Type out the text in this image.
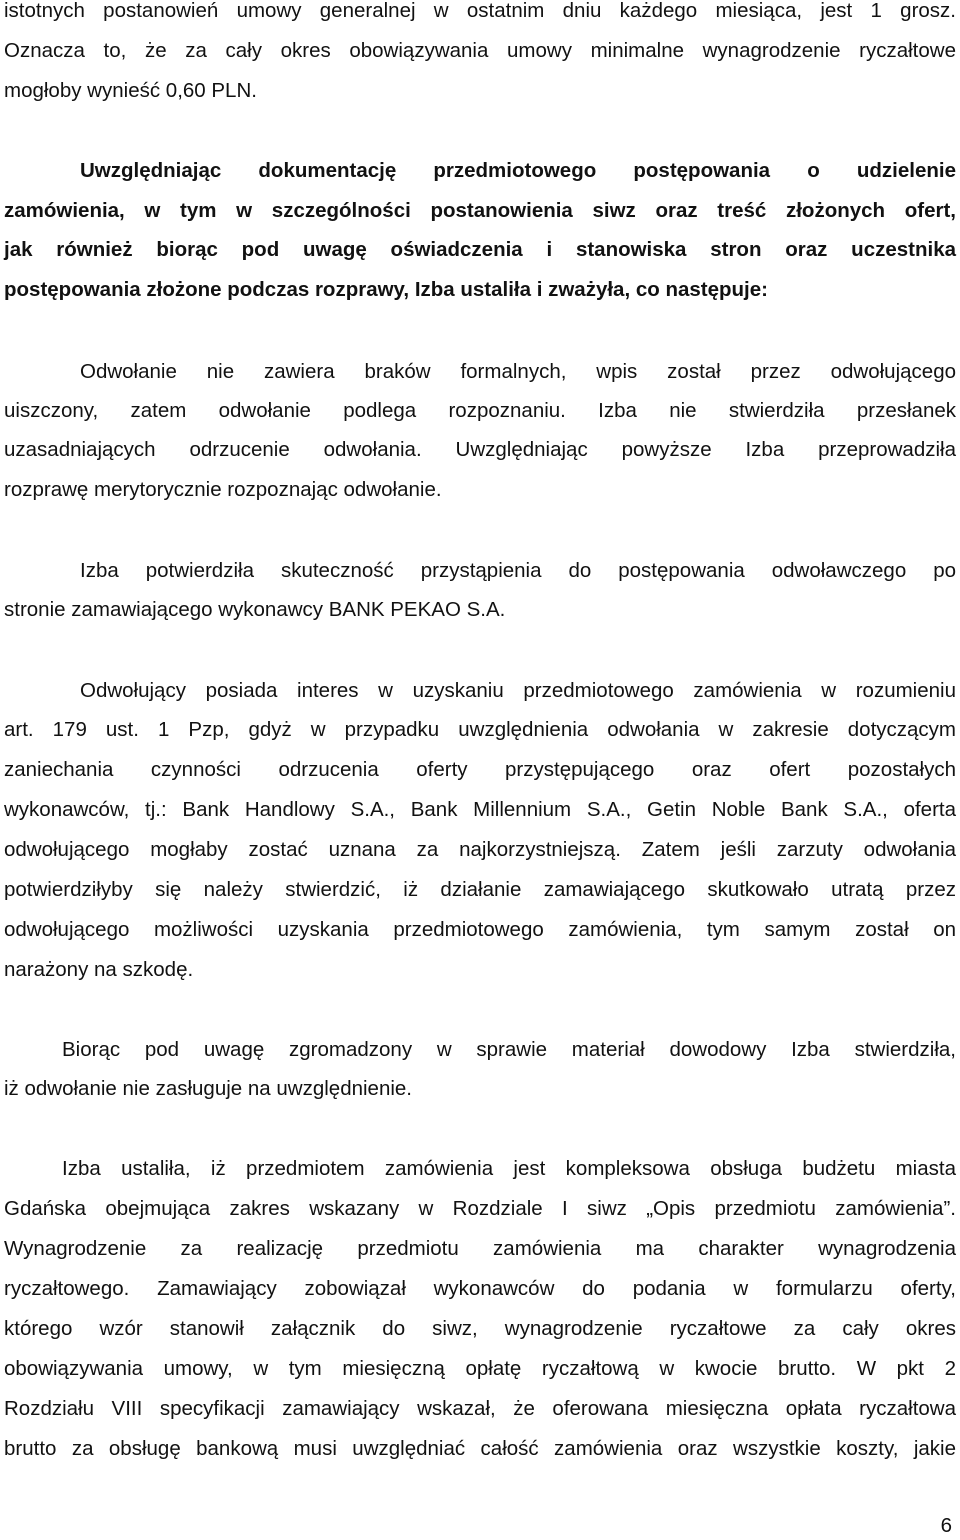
istotnych postanowień umowy generalnej w ostatnim dniu każdego miesiąca, jest 1 grosz.

Oznacza to, że za cały okres obowiązywania umowy minimalne wynagrodzenie ryczałtowe

mogłoby wynieść 0,60 PLN.

Uwzględniając dokumentację przedmiotowego postępowania o udzielenie

zamówienia, w tym w szczególności postanowienia siwz oraz treść złożonych ofert,

jak również biorąc pod uwagę oświadczenia i stanowiska stron oraz uczestnika

postępowania złożone podczas rozprawy, Izba ustaliła i zważyła, co następuje:

Odwołanie nie zawiera braków formalnych, wpis został przez odwołującego

uiszczony, zatem odwołanie podlega rozpoznaniu. Izba nie stwierdziła przesłanek

uzasadniających odrzucenie odwołania. Uwzględniając powyższe Izba przeprowadziła

rozprawę merytorycznie rozpoznając odwołanie.

Izba potwierdziła skuteczność przystąpienia do postępowania odwoławczego po

stronie zamawiającego wykonawcy BANK PEKAO S.A.

Odwołujący posiada interes w uzyskaniu przedmiotowego zamówienia w rozumieniu

art. 179 ust. 1 Pzp, gdyż w przypadku uwzględnienia odwołania w zakresie dotyczącym

zaniechania czynności odrzucenia oferty przystępującego oraz ofert pozostałych

wykonawców, tj.: Bank Handlowy S.A., Bank Millennium S.A., Getin Noble Bank S.A., oferta

odwołującego mogłaby zostać uznana za najkorzystniejszą. Zatem jeśli zarzuty odwołania

potwierdziłyby się należy stwierdzić, iż działanie zamawiającego skutkowało utratą przez

odwołującego możliwości uzyskania przedmiotowego zamówienia, tym samym został on

narażony na szkodę.

Biorąc pod uwagę zgromadzony w sprawie materiał dowodowy Izba stwierdziła,

iż odwołanie nie zasługuje na uwzględnienie.

Izba ustaliła, iż przedmiotem zamówienia jest kompleksowa obsługa budżetu miasta

Gdańska obejmująca zakres wskazany w Rozdziale I siwz „Opis przedmiotu zamówienia”.

Wynagrodzenie za realizację przedmiotu zamówienia ma charakter wynagrodzenia

ryczałtowego. Zamawiający zobowiązał wykonawców do podania w formularzu oferty,

którego wzór stanowił załącznik do siwz, wynagrodzenie ryczałtowe za cały okres

obowiązywania umowy, w tym miesięczną opłatę ryczałtową w kwocie brutto. W pkt 2

Rozdziału VIII specyfikacji zamawiający wskazał, że oferowana miesięczna opłata ryczałtowa

brutto za obsługę bankową musi uwzględniać całość zamówienia oraz wszystkie koszty, jakie

6
